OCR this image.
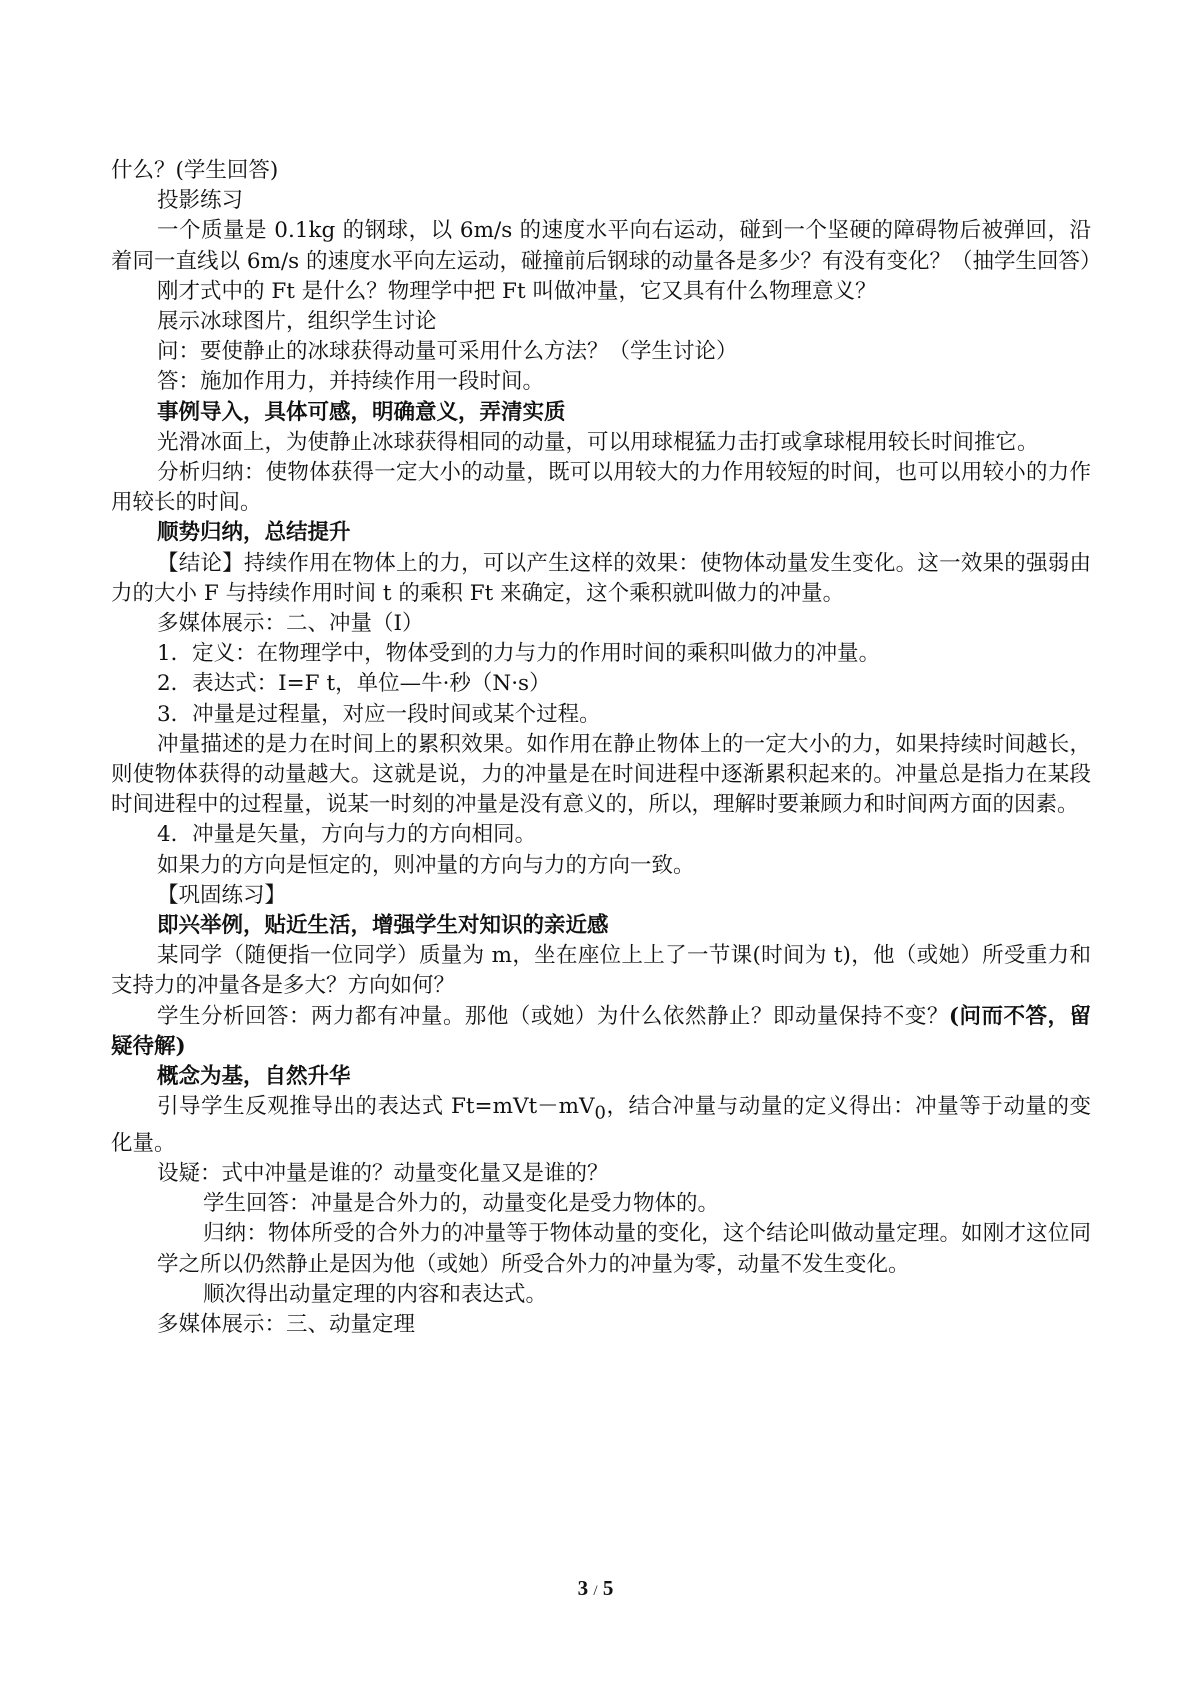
什么？(学生回答)

投影练习

一个质量是 0.1kg 的钢球，以 6m/s 的速度水平向右运动，碰到一个坚硬的障碍物后被弹回，沿着同一直线以 6m/s 的速度水平向左运动，碰撞前后钢球的动量各是多少？有没有变化？（抽学生回答）

刚才式中的 Ft 是什么？物理学中把 Ft 叫做冲量，它又具有什么物理意义？

展示冰球图片，组织学生讨论

问：要使静止的冰球获得动量可采用什么方法？（学生讨论）

答：施加作用力，并持续作用一段时间。

事例导入，具体可感，明确意义，弄清实质

光滑冰面上，为使静止冰球获得相同的动量，可以用球棍猛力击打或拿球棍用较长时间推它。

分析归纳：使物体获得一定大小的动量，既可以用较大的力作用较短的时间，也可以用较小的力作用较长的时间。

顺势归纳，总结提升

【结论】持续作用在物体上的力，可以产生这样的效果：使物体动量发生变化。这一效果的强弱由力的大小 F 与持续作用时间 t 的乘积 Ft 来确定，这个乘积就叫做力的冲量。

多媒体展示：二、冲量（I）

1．定义：在物理学中，物体受到的力与力的作用时间的乘积叫做力的冲量。

2．表达式：I=F t，单位—牛·秒（N·s）

3．冲量是过程量，对应一段时间或某个过程。

冲量描述的是力在时间上的累积效果。如作用在静止物体上的一定大小的力，如果持续时间越长，则使物体获得的动量越大。这就是说，力的冲量是在时间进程中逐渐累积起来的。冲量总是指力在某段时间进程中的过程量，说某一时刻的冲量是没有意义的，所以，理解时要兼顾力和时间两方面的因素。

4．冲量是矢量，方向与力的方向相同。

如果力的方向是恒定的，则冲量的方向与力的方向一致。

【巩固练习】

即兴举例，贴近生活，增强学生对知识的亲近感

某同学（随便指一位同学）质量为 m，坐在座位上上了一节课(时间为 t)，他（或她）所受重力和支持力的冲量各是多大？方向如何？

学生分析回答：两力都有冲量。那他（或她）为什么依然静止？即动量保持不变？(问而不答，留疑待解)

概念为基，自然升华

引导学生反观推导出的表达式 $Ft=mVt-mV_0$，结合冲量与动量的定义得出：冲量等于动量的变化量。

设疑：式中冲量是谁的？动量变化量又是谁的？

学生回答：冲量是合外力的，动量变化是受力物体的。

归纳：物体所受的合外力的冲量等于物体动量的变化，这个结论叫做动量定理。如刚才这位同学之所以仍然静止是因为他（或她）所受合外力的冲量为零，动量不发生变化。

顺次得出动量定理的内容和表达式。

多媒体展示：三、动量定理

3 / 5
